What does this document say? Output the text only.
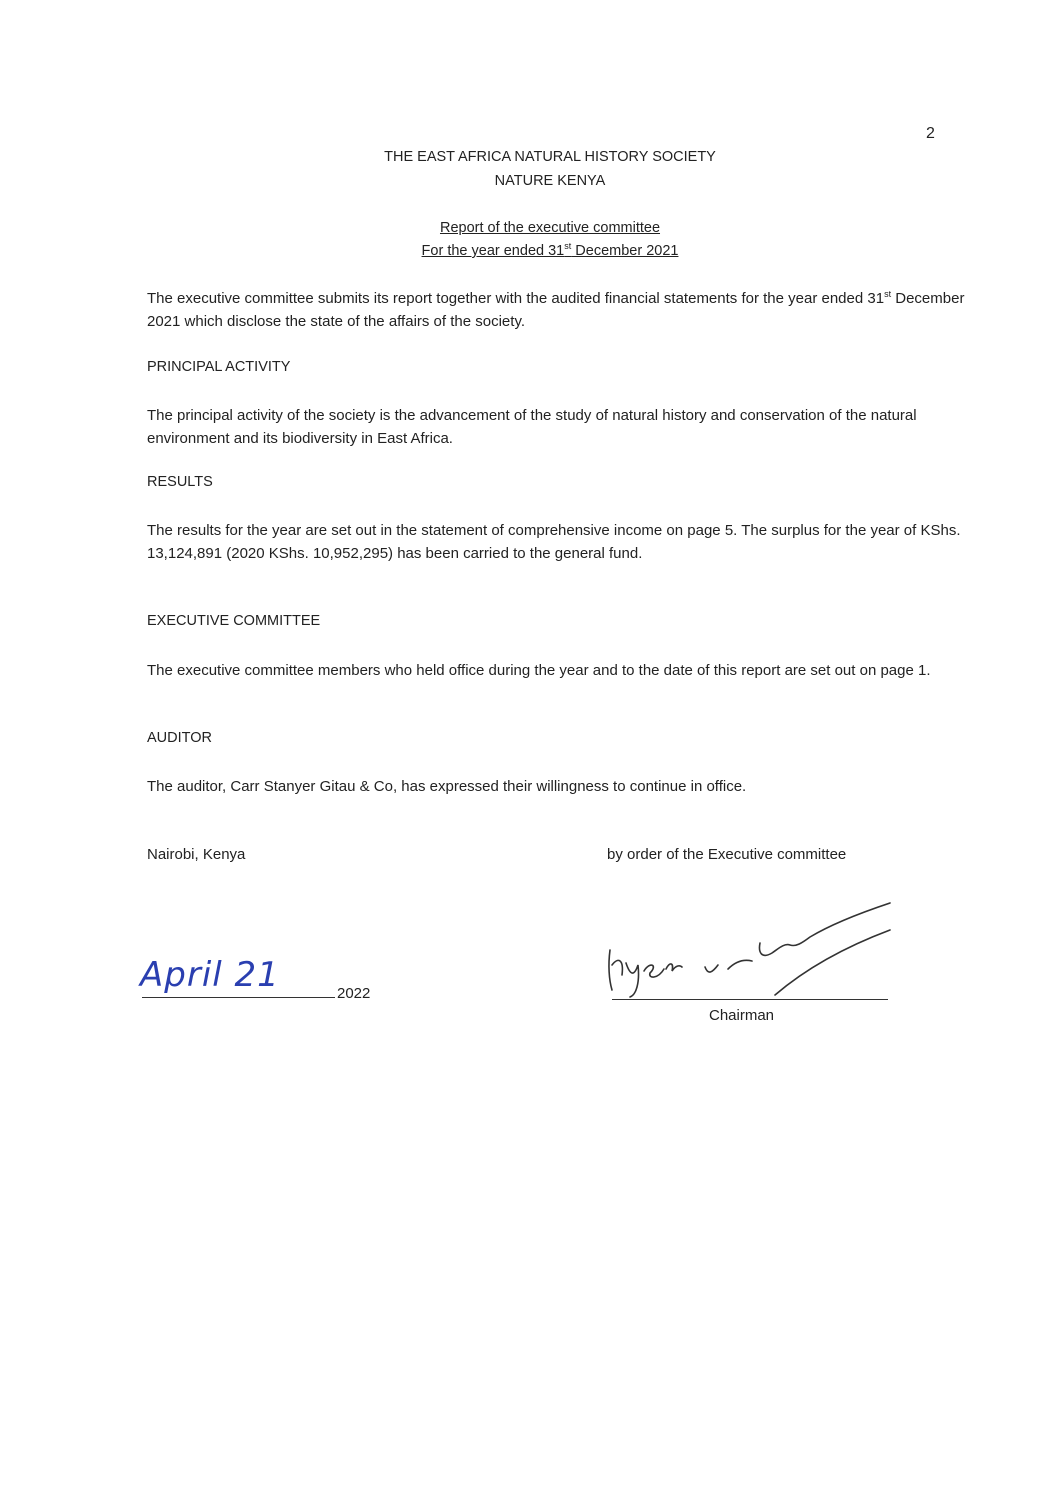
2
THE EAST AFRICA NATURAL HISTORY SOCIETY
NATURE KENYA
Report of the executive committee
For the year ended 31st December 2021

The executive committee submits its report together with the audited financial statements for the year ended 31st December 2021 which disclose the state of the affairs of the society.

PRINCIPAL ACTIVITY

The principal activity of the society is the advancement of the study of natural history and conservation of the natural environment and its biodiversity in East Africa.

RESULTS

The results for the year are set out in the statement of comprehensive income on page 5. The surplus for the year of KShs. 13,124,891 (2020 KShs. 10,952,295) has been carried to the general fund.

EXECUTIVE COMMITTEE

The executive committee members who held office during the year and to the date of this report are set out on page 1.

AUDITOR

The auditor, Carr Stanyer Gitau & Co, has expressed their willingness to continue in office.

Nairobi, Kenya	by order of the Executive committee
April 21	2022
Chairman
